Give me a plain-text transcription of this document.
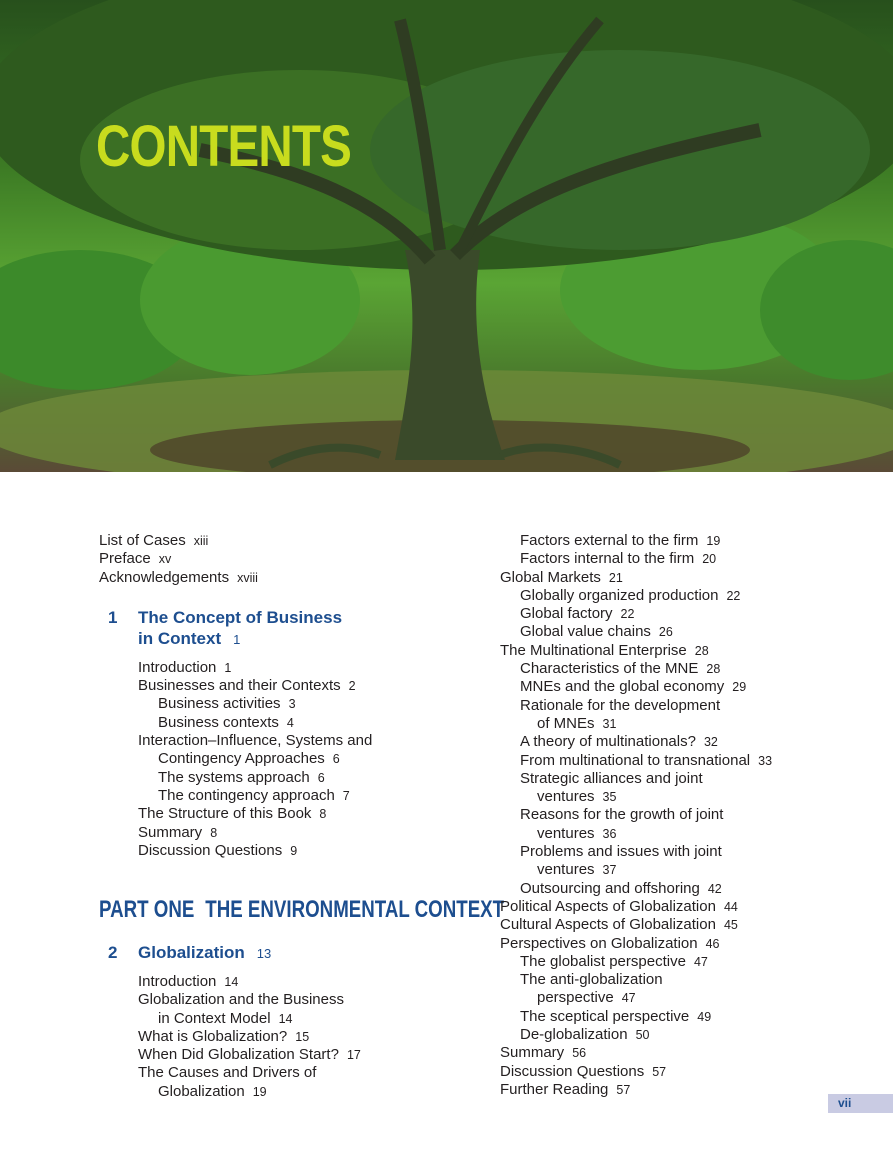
CONTENTS
List of Cases xiii
Preface xv
Acknowledgements xviii
1 The Concept of Business
in Context 1
Introduction 1
Businesses and their Contexts 2
Business activities 3
Business contexts 4
Interaction–Influence, Systems and
Contingency Approaches 6
The systems approach 6
The contingency approach 7
The Structure of this Book 8
Summary 8
Discussion Questions 9
PART ONE THE ENVIRONMENTAL CONTEXT
2 Globalization 13
Introduction 14
Globalization and the Business
in Context Model 14
What is Globalization? 15
When Did Globalization Start? 17
The Causes and Drivers of
Globalization 19
Factors external to the firm 19
Factors internal to the firm 20
Global Markets 21
Globally organized production 22
Global factory 22
Global value chains 26
The Multinational Enterprise 28
Characteristics of the MNE 28
MNEs and the global economy 29
Rationale for the development
of MNEs 31
A theory of multinationals? 32
From multinational to transnational 33
Strategic alliances and joint
ventures 35
Reasons for the growth of joint
ventures 36
Problems and issues with joint
ventures 37
Outsourcing and offshoring 42
Political Aspects of Globalization 44
Cultural Aspects of Globalization 45
Perspectives on Globalization 46
The globalist perspective 47
The anti-globalization
perspective 47
The sceptical perspective 49
De-globalization 50
Summary 56
Discussion Questions 57
Further Reading 57
vii
